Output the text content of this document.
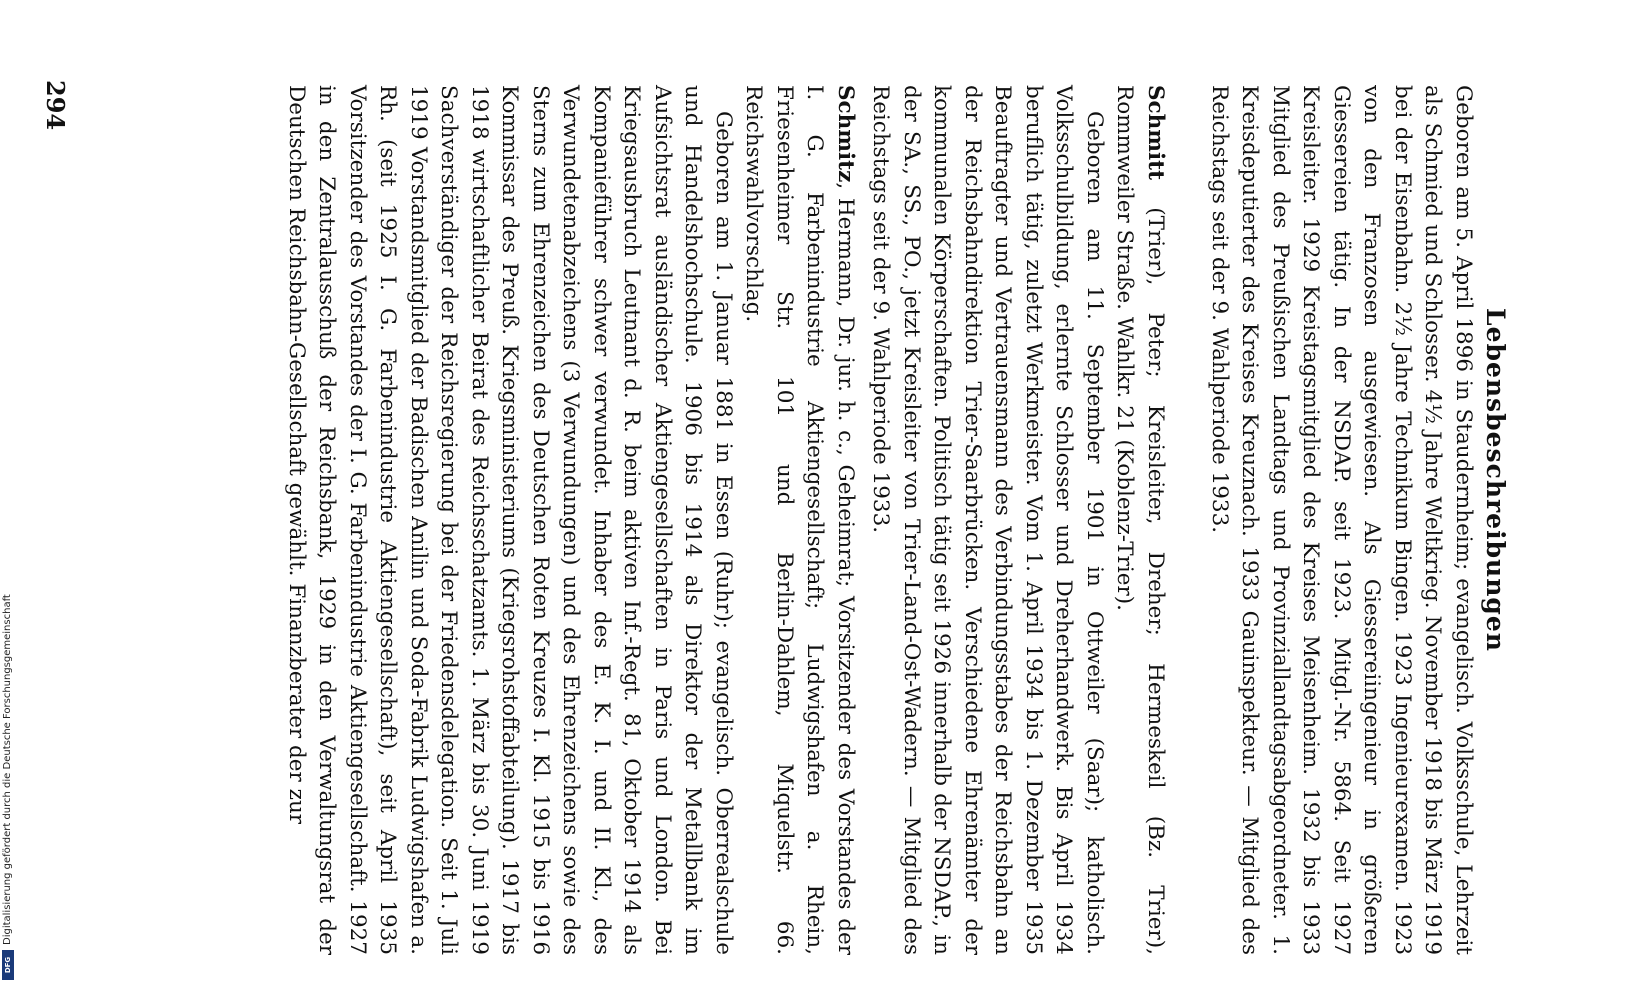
Lebensbeschreibungen

Geboren am 5. April 1896 in Staudernheim; evangelisch. Volksschule, Lehrzeit als Schmied und Schlosser. 4½ Jahre Weltkrieg. November 1918 bis März 1919 bei der Eisenbahn. 2½ Jahre Technikum Bingen. 1923 Ingenieurexamen. 1923 von den Franzosen ausgewiesen. Als Giessereiingenieur in größeren Giessereien tätig. In der NSDAP. seit 1923. Mitgl.-Nr. 5864. Seit 1927 Kreisleiter. 1929 Kreistagsmitglied des Kreises Meisenheim. 1932 bis 1933 Mitglied des Preußischen Landtags und Provinziallandtagsabgeordneter. 1. Kreisdeputierter des Kreises Kreuznach. 1933 Gauinspekteur. — Mitglied des Reichstags seit der 9. Wahlperiode 1933.

Schmitt (Trier), Peter; Kreisleiter, Dreher; Hermeskeil (Bz. Trier), Rommweiler Straße. Wahlkr. 21 (Koblenz-Trier).

Geboren am 11. September 1901 in Ottweiler (Saar); katholisch. Volksschulbildung, erlernte Schlosser und Dreherhandwerk. Bis April 1934 beruflich tätig, zuletzt Werkmeister. Vom 1. April 1934 bis 1. Dezember 1935 Beauftragter und Vertrauensmann des Verbindungsstabes der Reichsbahn an der Reichsbahndirektion Trier-Saarbrücken. Verschiedene Ehrenämter der kommunalen Körperschaften. Politisch tätig seit 1926 innerhalb der NSDAP., in der SA., SS., PO., jetzt Kreisleiter von Trier-Land-Ost-Wadern. — Mitglied des Reichstags seit der 9. Wahlperiode 1933.

Schmitz, Hermann, Dr. jur. h. c., Geheimrat; Vorsitzender des Vorstandes der I. G. Farbenindustrie Aktiengesellschaft; Ludwigshafen a. Rhein, Friesenheimer Str. 101 und Berlin-Dahlem, Miquelstr. 66. Reichswahlvorschlag.

Geboren am 1. Januar 1881 in Essen (Ruhr); evangelisch. Oberrealschule und Handelshochschule. 1906 bis 1914 als Direktor der Metallbank im Aufsichtsrat ausländischer Aktiengesellschaften in Paris und London. Bei Kriegsausbruch Leutnant d. R. beim aktiven Inf.-Regt. 81, Oktober 1914 als Kompanieführer schwer verwundet. Inhaber des E. K. I. und II. Kl., des Verwundetenabzeichens (3 Verwundungen) und des Ehrenzeichens sowie des Sterns zum Ehrenzeichen des Deutschen Roten Kreuzes I. Kl. 1915 bis 1916 Kommissar des Preuß. Kriegsministeriums (Kriegsrohstoffabteilung). 1917 bis 1918 wirtschaftlicher Beirat des Reichsschatzamts. 1. März bis 30. Juni 1919 Sachverständiger der Reichsregierung bei der Friedensdelegation. Seit 1. Juli 1919 Vorstandsmitglied der Badischen Anilin und Soda-Fabrik Ludwigshafen a. Rh. (seit 1925 I. G. Farbenindustrie Aktiengesellschaft), seit April 1935 Vorsitzender des Vorstandes der I. G. Farbenindustrie Aktiengesellschaft. 1927 in den Zentralausschuß der Reichsbank, 1929 in den Verwaltungsrat der Deutschen Reichsbahn-Gesellschaft gewählt. Finanzberater der zur

294
Digitalisierung gefördert durch die Deutsche Forschungsgemeinschaft
DFG
